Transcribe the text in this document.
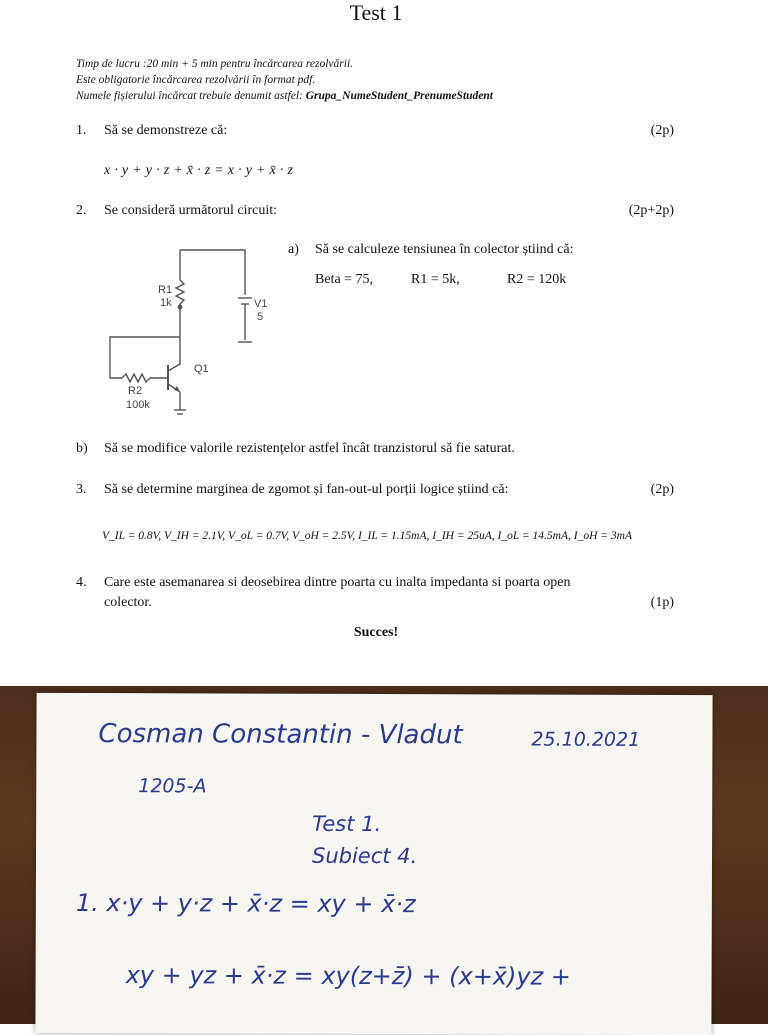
Test 1
Timp de lucru :20 min + 5 min pentru încărcarea rezolvării.
Este obligatorie încărcarea rezolvării în format pdf.
Numele fișierului încărcat trebuie denumit astfel: Grupa_NumeStudent_PrenumeStudent
1. Să se demonstreze că:	(2p)
x · y + y · z + x̄ · z = x · y + x̄ · z
2. Se consideră următorul circuit:	(2p+2p)
R1
1k	V1
5
Q1
R2
100k
a) Să se calculeze tensiunea în colector știind că:
Beta = 75,	R1 = 5k,	R2 = 120k
b) Să se modifice valorile rezistențelor astfel încât tranzistorul să fie saturat.
3. Să se determine marginea de zgomot și fan-out-ul porții logice știind că:	(2p)
V_IL = 0.8V, V_IH = 2.1V, V_oL = 0.7V, V_oH = 2.5V, I_IL = 1.15mA, I_IH = 25uA, I_oL = 14.5mA, I_oH = 3mA
4. Care este asemanarea si deosebirea dintre poarta cu inalta impedanta si poarta open
colector.	(1p)
Succes!
Cosman Constantin - Vladut	25.10.2021
1205-A
Test 1.
Subiect 4.
1. x·y + y·z + x̄·z = xy + x̄·z
xy + yz + x̄·z = xy(z+z̄) + (x+x̄)yz +
